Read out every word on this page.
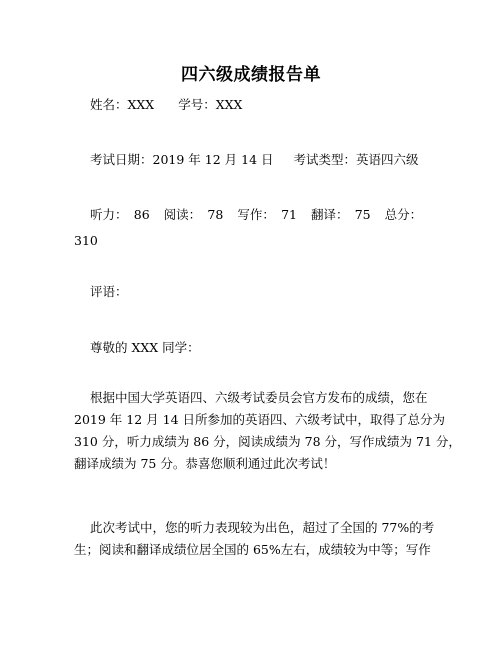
四六级成绩报告单
姓名：XXX 学号：XXX
考试日期：2019 年 12 月 14 日 考试类型：英语四六级
听力：　86 阅读：　78 写作：　71 翻译：　75 总分：
310
评语：
尊敬的 XXX 同学：
根据中国大学英语四、六级考试委员会官方发布的成绩，您在
2019 年 12 月 14 日所参加的英语四、六级考试中，取得了总分为
310 分，听力成绩为 86 分，阅读成绩为 78 分，写作成绩为 71 分，
翻译成绩为 75 分。恭喜您顺利通过此次考试！
此次考试中，您的听力表现较为出色，超过了全国的 77%的考
生；阅读和翻译成绩位居全国的 65%左右，成绩较为中等；写作
